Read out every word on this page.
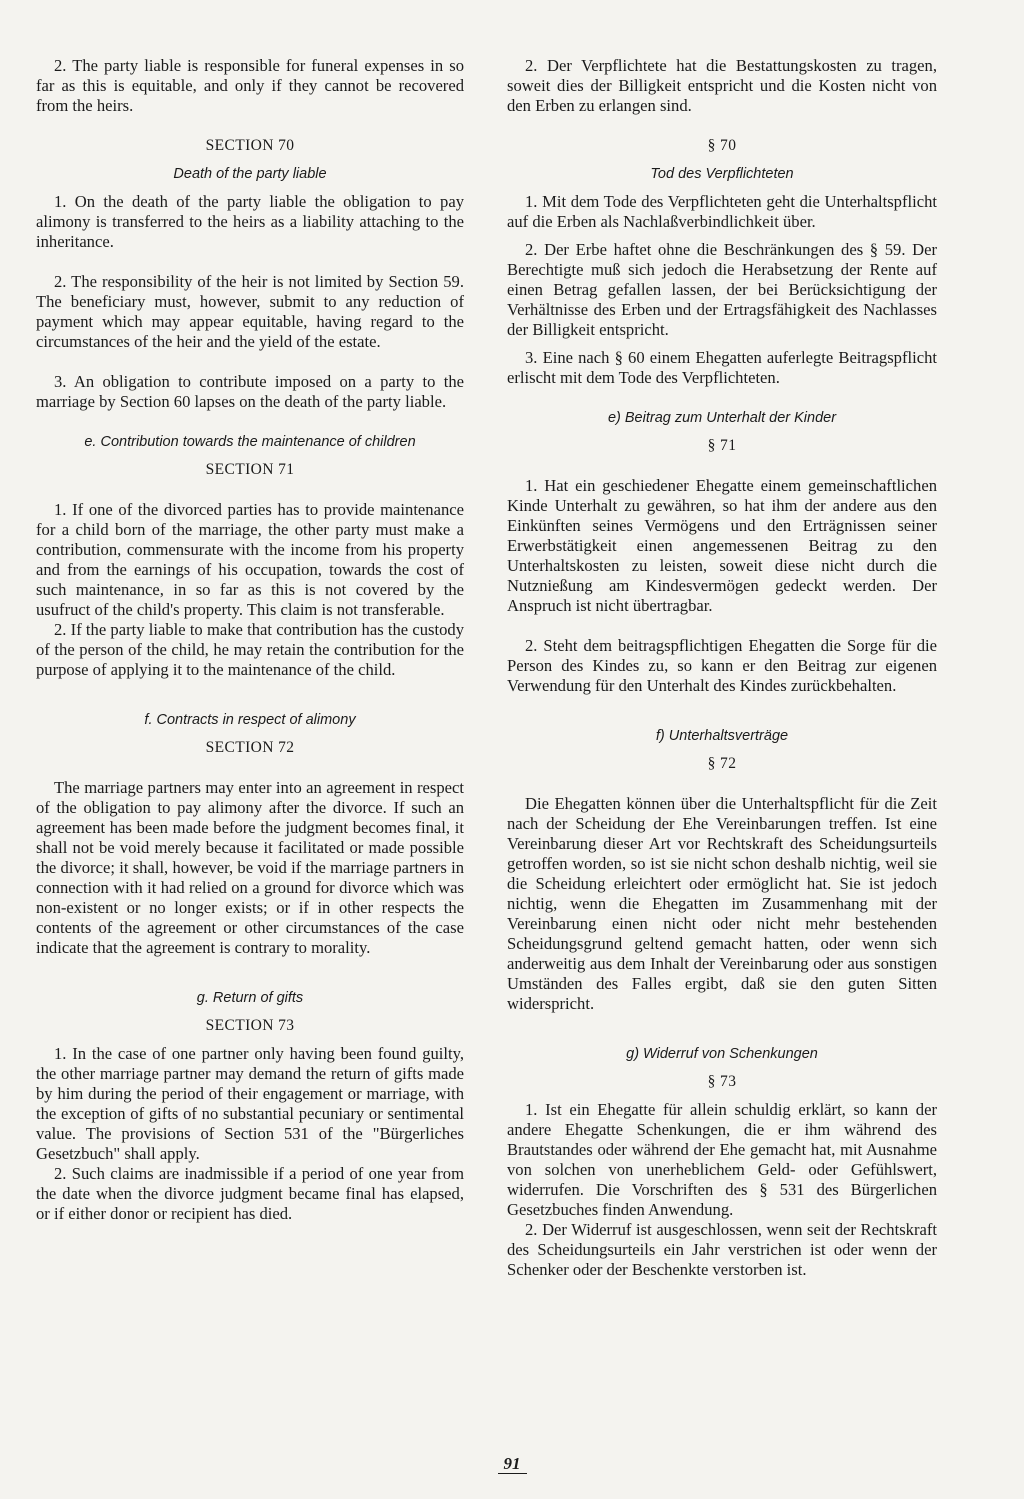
2. The party liable is responsible for funeral expenses in so far as this is equitable, and only if they cannot be recovered from the heirs.

SECTION 70
Death of the party liable

1. On the death of the party liable the obligation to pay alimony is transferred to the heirs as a liability attaching to the inheritance.

2. The responsibility of the heir is not limited by Section 59. The beneficiary must, however, submit to any reduction of payment which may appear equitable, having regard to the circumstances of the heir and the yield of the estate.

3. An obligation to contribute imposed on a party to the marriage by Section 60 lapses on the death of the party liable.

e. Contribution towards the maintenance of children
SECTION 71

1. If one of the divorced parties has to provide maintenance for a child born of the marriage, the other party must make a contribution, commensurate with the income from his property and from the earnings of his occupation, towards the cost of such maintenance, in so far as this is not covered by the usufruct of the child's property. This claim is not transferable.

2. If the party liable to make that contribution has the custody of the person of the child, he may retain the contribution for the purpose of applying it to the maintenance of the child.

f. Contracts in respect of alimony
SECTION 72

The marriage partners may enter into an agreement in respect of the obligation to pay alimony after the divorce. If such an agreement has been made before the judgment becomes final, it shall not be void merely because it facilitated or made possible the divorce; it shall, however, be void if the marriage partners in connection with it had relied on a ground for divorce which was non-existent or no longer exists; or if in other respects the contents of the agreement or other circumstances of the case indicate that the agreement is contrary to morality.

g. Return of gifts
SECTION 73

1. In the case of one partner only having been found guilty, the other marriage partner may demand the return of gifts made by him during the period of their engagement or marriage, with the exception of gifts of no substantial pecuniary or sentimental value. The provisions of Section 531 of the "Bürgerliches Gesetzbuch" shall apply.

2. Such claims are inadmissible if a period of one year from the date when the divorce judgment became final has elapsed, or if either donor or recipient has died.

2. Der Verpflichtete hat die Bestattungskosten zu tragen, soweit dies der Billigkeit entspricht und die Kosten nicht von den Erben zu erlangen sind.

§ 70
Tod des Verpflichteten

1. Mit dem Tode des Verpflichteten geht die Unterhaltspflicht auf die Erben als Nachlaßverbindlichkeit über.

2. Der Erbe haftet ohne die Beschränkungen des § 59. Der Berechtigte muß sich jedoch die Herabsetzung der Rente auf einen Betrag gefallen lassen, der bei Berücksichtigung der Verhältnisse des Erben und der Ertragsfähigkeit des Nachlasses der Billigkeit entspricht.

3. Eine nach § 60 einem Ehegatten auferlegte Beitragspflicht erlischt mit dem Tode des Verpflichteten.

e) Beitrag zum Unterhalt der Kinder
§ 71

1. Hat ein geschiedener Ehegatte einem gemeinschaftlichen Kinde Unterhalt zu gewähren, so hat ihm der andere aus den Einkünften seines Vermögens und den Erträgnissen seiner Erwerbstätigkeit einen angemessenen Beitrag zu den Unterhaltskosten zu leisten, soweit diese nicht durch die Nutznießung am Kindesvermögen gedeckt werden. Der Anspruch ist nicht übertragbar.

2. Steht dem beitragspflichtigen Ehegatten die Sorge für die Person des Kindes zu, so kann er den Beitrag zur eigenen Verwendung für den Unterhalt des Kindes zurückbehalten.

f) Unterhaltsverträge
§ 72

Die Ehegatten können über die Unterhaltspflicht für die Zeit nach der Scheidung der Ehe Vereinbarungen treffen. Ist eine Vereinbarung dieser Art vor Rechtskraft des Scheidungsurteils getroffen worden, so ist sie nicht schon deshalb nichtig, weil sie die Scheidung erleichtert oder ermöglicht hat. Sie ist jedoch nichtig, wenn die Ehegatten im Zusammenhang mit der Vereinbarung einen nicht oder nicht mehr bestehenden Scheidungsgrund geltend gemacht hatten, oder wenn sich anderweitig aus dem Inhalt der Vereinbarung oder aus sonstigen Umständen des Falles ergibt, daß sie den guten Sitten widerspricht.

g) Widerruf von Schenkungen
§ 73

1. Ist ein Ehegatte für allein schuldig erklärt, so kann der andere Ehegatte Schenkungen, die er ihm während des Brautstandes oder während der Ehe gemacht hat, mit Ausnahme von solchen von unerheblichem Geld- oder Gefühlswert, widerrufen. Die Vorschriften des § 531 des Bürgerlichen Gesetzbuches finden Anwendung.

2. Der Widerruf ist ausgeschlossen, wenn seit der Rechtskraft des Scheidungsurteils ein Jahr verstrichen ist oder wenn der Schenker oder der Beschenkte verstorben ist.

91
